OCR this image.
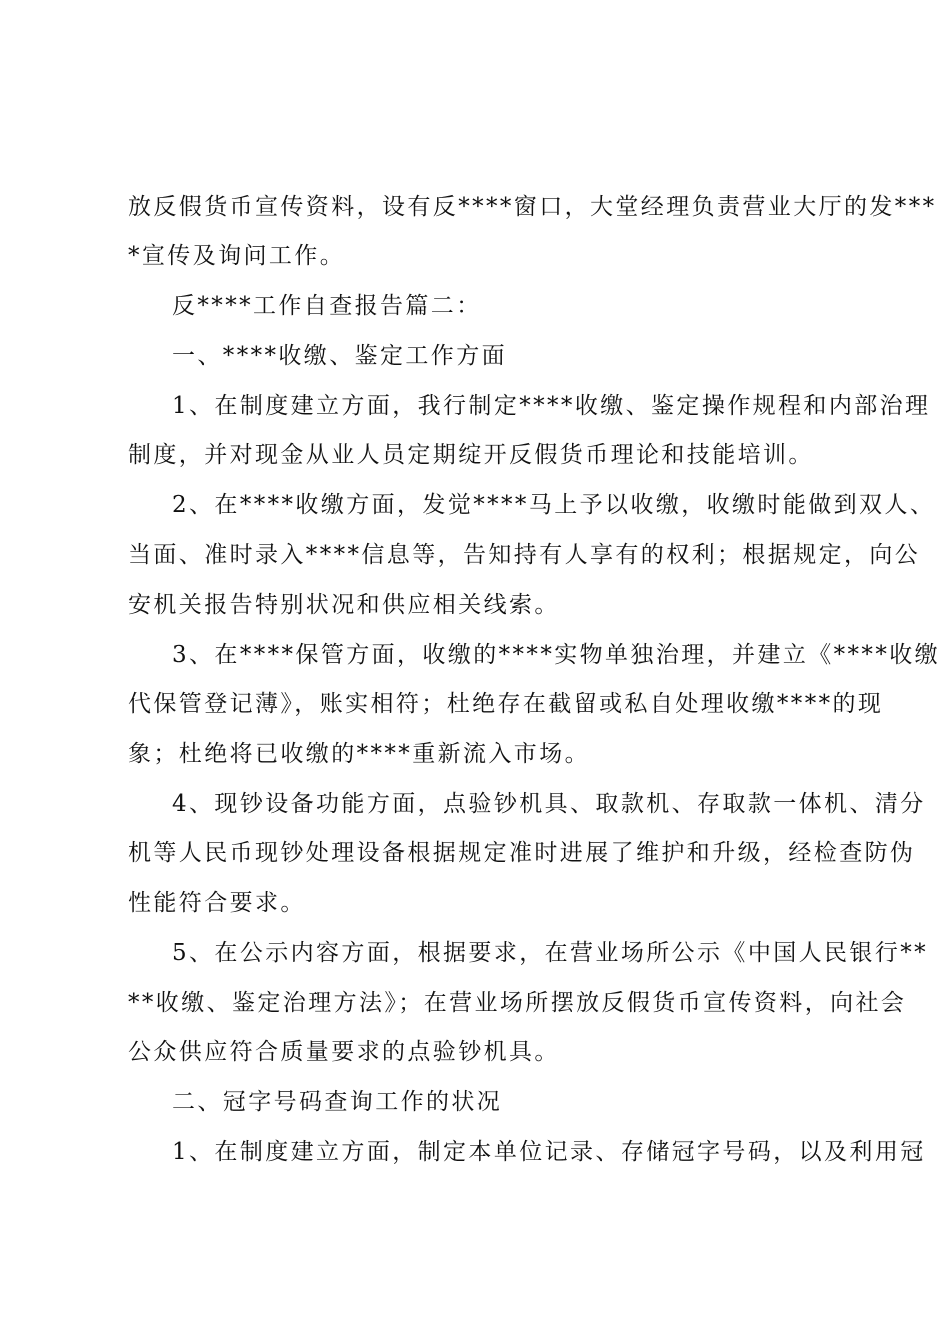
放反假货币宣传资料，设有反****窗口，大堂经理负责营业大厅的发***
*宣传及询问工作。
反****工作自查报告篇二：
一、****收缴、鉴定工作方面
1、在制度建立方面，我行制定****收缴、鉴定操作规程和内部治理
制度，并对现金从业人员定期绽开反假货币理论和技能培训。
2、在****收缴方面，发觉****马上予以收缴，收缴时能做到双人、
当面、准时录入****信息等，告知持有人享有的权利；根据规定，向公
安机关报告特别状况和供应相关线索。
3、在****保管方面，收缴的****实物单独治理，并建立《****收缴
代保管登记薄》，账实相符；杜绝存在截留或私自处理收缴****的现
象；杜绝将已收缴的****重新流入市场。
4、现钞设备功能方面，点验钞机具、取款机、存取款一体机、清分
机等人民币现钞处理设备根据规定准时进展了维护和升级，经检查防伪
性能符合要求。
5、在公示内容方面，根据要求，在营业场所公示《中国人民银行**
**收缴、鉴定治理方法》；在营业场所摆放反假货币宣传资料，向社会
公众供应符合质量要求的点验钞机具。
二、冠字号码查询工作的状况
1、在制度建立方面，制定本单位记录、存储冠字号码，以及利用冠
